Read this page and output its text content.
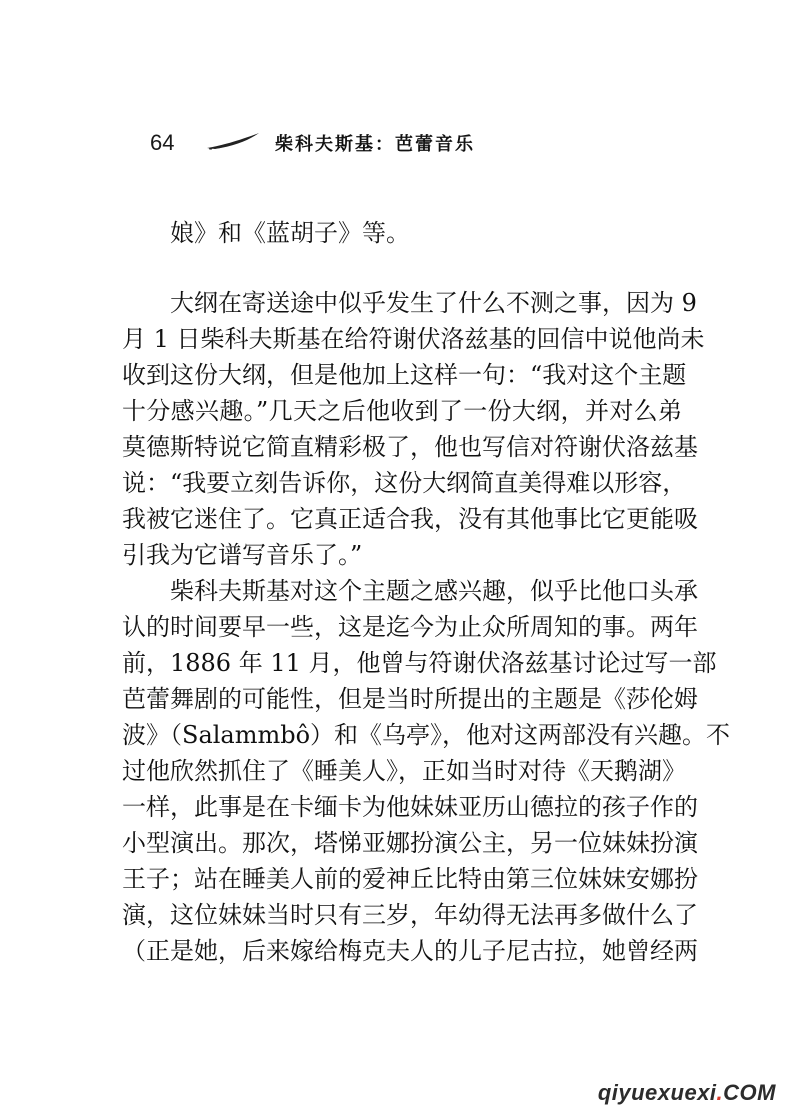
64	柴科夫斯基：芭蕾音乐
娘》和《蓝胡子》等。
大纲在寄送途中似乎发生了什么不测之事，因为 9
月 1 日柴科夫斯基在给符谢伏洛兹基的回信中说他尚未
收到这份大纲，但是他加上这样一句：“我对这个主题
十分感兴趣。”几天之后他收到了一份大纲，并对么弟
莫德斯特说它简直精彩极了，他也写信对符谢伏洛兹基
说：“我要立刻告诉你，这份大纲简直美得难以形容，
我被它迷住了。它真正适合我，没有其他事比它更能吸
引我为它谱写音乐了。”
柴科夫斯基对这个主题之感兴趣，似乎比他口头承
认的时间要早一些，这是迄今为止众所周知的事。两年
前，1886 年 11 月，他曾与符谢伏洛兹基讨论过写一部
芭蕾舞剧的可能性，但是当时所提出的主题是《莎伦姆
波》（Salammbô）和《乌亭》，他对这两部没有兴趣。不
过他欣然抓住了《睡美人》，正如当时对待《天鹅湖》
一样，此事是在卡缅卡为他妹妹亚历山德拉的孩子作的
小型演出。那次，塔悌亚娜扮演公主，另一位妹妹扮演
王子；站在睡美人前的爱神丘比特由第三位妹妹安娜扮
演，这位妹妹当时只有三岁，年幼得无法再多做什么了
（正是她，后来嫁给梅克夫人的儿子尼古拉，她曾经两
qiyuexuexi.COM
